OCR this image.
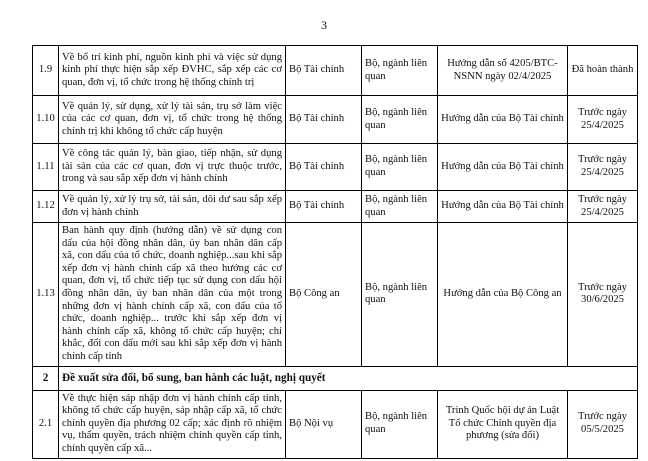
3
1.9	Về bố trí kinh phí, nguồn kinh phí và việc sử dụng kinh phí thực hiện sắp xếp ĐVHC, sắp xếp các cơ quan, đơn vị, tổ chức trong hệ thống chính trị	Bộ Tài chính	Bộ, ngành liên quan	Hướng dẫn số 4205/BTC-NSNN ngày 02/4/2025	Đã hoàn thành
1.10	Về quản lý, sử dụng, xử lý tài sản, trụ sở làm việc của các cơ quan, đơn vị, tổ chức trong hệ thống chính trị khi không tổ chức cấp huyện	Bộ Tài chính	Bộ, ngành liên quan	Hướng dẫn của Bộ Tài chính	Trước ngày 25/4/2025
1.11	Về công tác quản lý, bàn giao, tiếp nhận, sử dụng tài sản của các cơ quan, đơn vị trực thuộc trước, trong và sau sắp xếp đơn vị hành chính	Bộ Tài chính	Bộ, ngành liên quan	Hướng dẫn của Bộ Tài chính	Trước ngày 25/4/2025
1.12	Về quản lý, xử lý trụ sở, tài sản, dôi dư sau sắp xếp đơn vị hành chính	Bộ Tài chính	Bộ, ngành liên quan	Hướng dẫn của Bộ Tài chính	Trước ngày 25/4/2025
1.13	Ban hành quy định (hướng dẫn) về sử dụng con dấu của hội đồng nhân dân, ủy ban nhân dân cấp xã, con dấu của tổ chức, doanh nghiệp...sau khi sắp xếp đơn vị hành chính cấp xã theo hướng các cơ quan, đơn vị, tổ chức tiếp tục sử dụng con dấu hội đồng nhân dân, ủy ban nhân dân của một trong những đơn vị hành chính cấp xã, con dấu của tổ chức, doanh nghiệp... trước khi sắp xếp đơn vị hành chính cấp xã, không tổ chức cấp huyện; chỉ khắc, đổi con dấu mới sau khi sắp xếp đơn vị hành chính cấp tỉnh	Bộ Công an	Bộ, ngành liên quan	Hướng dẫn của Bộ Công an	Trước ngày 30/6/2025
2	Đề xuất sửa đổi, bổ sung, ban hành các luật, nghị quyết				
2.1	Về thực hiện sáp nhập đơn vị hành chính cấp tỉnh, không tổ chức cấp huyện, sáp nhập cấp xã, tổ chức chính quyền địa phương 02 cấp; xác định rõ nhiệm vụ, thẩm quyền, trách nhiệm chính quyền cấp tỉnh, chính quyền cấp xã...	Bộ Nội vụ	Bộ, ngành liên quan	Trình Quốc hội dự án Luật Tổ chức Chính quyền địa phương (sửa đổi)	Trước ngày 05/5/2025
